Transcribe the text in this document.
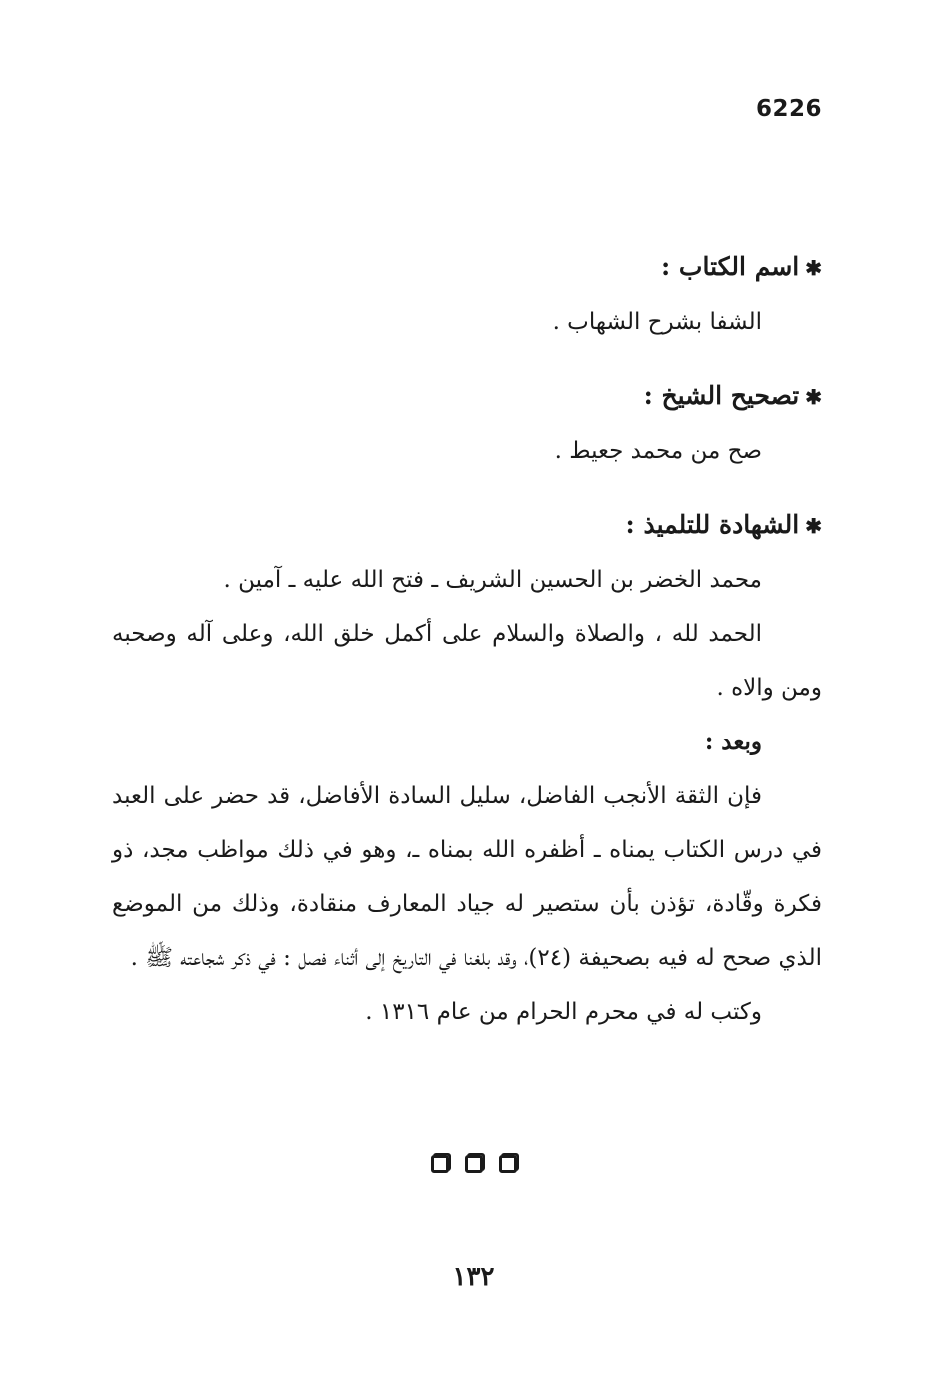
6226

✱اسم الكتاب :

الشفا بشرح الشهاب .

✱تصحيح الشيخ :

صح من محمد جعيط .

✱الشهادة للتلميذ :

محمد الخضر بن الحسين الشريف ـ فتح الله عليه ـ آمين .

الحمد لله ، والصلاة والسلام على أكمل خلق الله، وعلى آله وصحبه ومن والاه .

وبعد :

فإن الثقة الأنجب الفاضل، سليل السادة الأفاضل، قد حضر على العبد في درس الكتاب يمناه ـ أظفره الله بمناه ـ، وهو في ذلك مواظب مجد، ذو فكرة وقّادة، تؤذن بأن ستصير له جياد المعارف منقادة، وذلك من الموضع الذي صحح له فيه بصحيفة (٢٤)، وقد بلغنا في التاريخ إلى أثناء فصل : في ذكر شجاعته ﷺ .

وكتب له في محرم الحرام من عام ١٣١٦ .

١٣٢
